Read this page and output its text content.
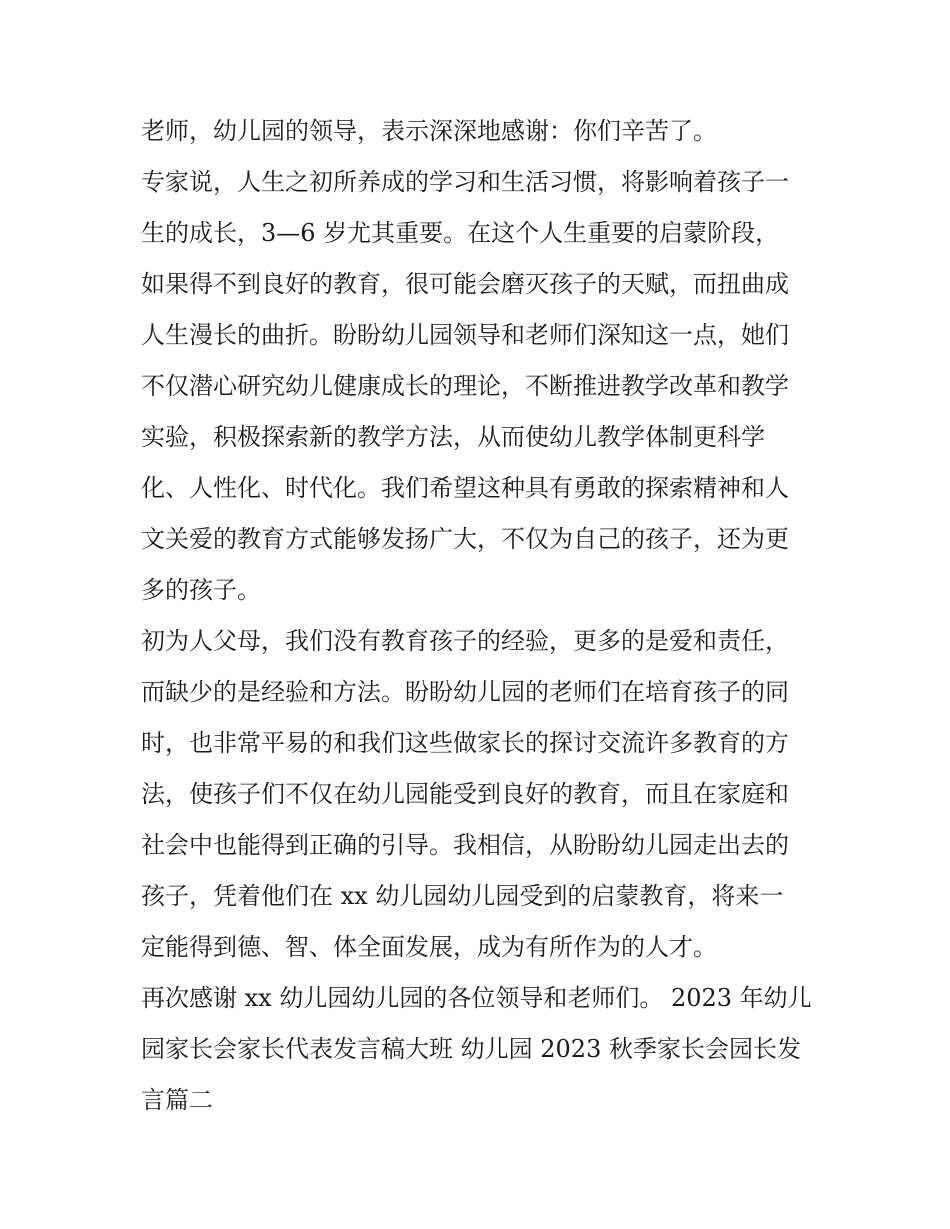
老师，幼儿园的领导，表示深深地感谢：你们辛苦了。
专家说，人生之初所养成的学习和生活习惯，将影响着孩子一
生的成长，3—6 岁尤其重要。在这个人生重要的启蒙阶段，
如果得不到良好的教育，很可能会磨灭孩子的天赋，而扭曲成
人生漫长的曲折。盼盼幼儿园领导和老师们深知这一点，她们
不仅潜心研究幼儿健康成长的理论，不断推进教学改革和教学
实验，积极探索新的教学方法，从而使幼儿教学体制更科学
化、人性化、时代化。我们希望这种具有勇敢的探索精神和人
文关爱的教育方式能够发扬广大，不仅为自己的孩子，还为更
多的孩子。
初为人父母，我们没有教育孩子的经验，更多的是爱和责任，
而缺少的是经验和方法。盼盼幼儿园的老师们在培育孩子的同
时，也非常平易的和我们这些做家长的探讨交流许多教育的方
法，使孩子们不仅在幼儿园能受到良好的教育，而且在家庭和
社会中也能得到正确的引导。我相信，从盼盼幼儿园走出去的
孩子，凭着他们在 xx 幼儿园幼儿园受到的启蒙教育，将来一
定能得到德、智、体全面发展，成为有所作为的人才。
再次感谢 xx 幼儿园幼儿园的各位领导和老师们。 2023 年幼儿
园家长会家长代表发言稿大班 幼儿园 2023 秋季家长会园长发
言篇二
